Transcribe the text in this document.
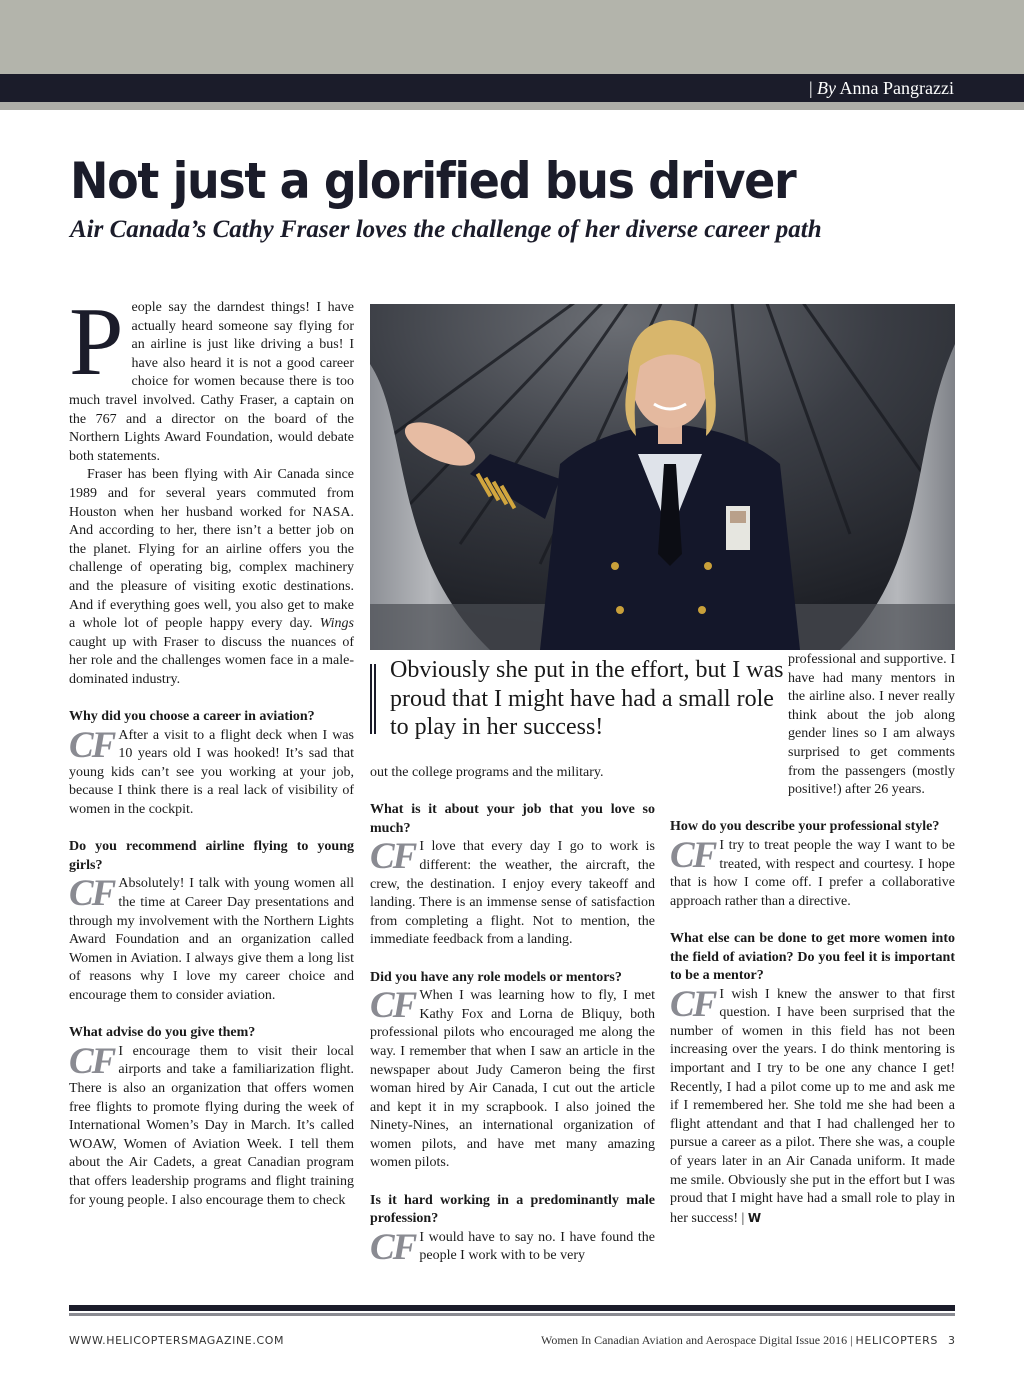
| By Anna Pangrazzi
Not just a glorified bus driver
Air Canada’s Cathy Fraser loves the challenge of her diverse career path

People say the darndest things! I have actually heard someone say flying for an airline is just like driving a bus! I have also heard it is not a good career choice for women because there is too much travel involved. Cathy Fraser, a captain on the 767 and a director on the board of the Northern Lights Award Foundation, would debate both statements.

Fraser has been flying with Air Canada since 1989 and for several years commuted from Houston when her husband worked for NASA. And according to her, there isn’t a better job on the planet. Flying for an airline offers you the challenge of operating big, complex machinery and the pleasure of visiting exotic destinations. And if everything goes well, you also get to make a whole lot of people happy every day. Wings caught up with Fraser to discuss the nuances of her role and the challenges women face in a male-dominated industry.

Why did you choose a career in aviation?

CF After a visit to a flight deck when I was 10 years old I was hooked! It’s sad that young kids can’t see you working at your job, because I think there is a real lack of visibility of women in the cockpit.

Do you recommend airline flying to young girls?

CF Absolutely! I talk with young women all the time at Career Day presentations and through my involvement with the Northern Lights Award Foundation and an organization called Women in Aviation. I always give them a long list of reasons why I love my career choice and encourage them to consider aviation.

What advise do you give them?

CF I encourage them to visit their local airports and take a familiarization flight. There is also an organization that offers women free flights to promote flying during the week of International Women’s Day in March. It’s called WOAW, Women of Aviation Week. I tell them about the Air Cadets, a great Canadian program that offers leadership programs and flight training for young people. I also encourage them to check

Obviously she put in the effort, but I was proud that I might have had a small role to play in her success!

out the college programs and the military.

What is it about your job that you love so much?

CF I love that every day I go to work is different: the weather, the aircraft, the crew, the destination. I enjoy every takeoff and landing. There is an immense sense of satisfaction from completing a flight. Not to mention, the immediate feedback from a landing.

Did you have any role models or mentors?

CF When I was learning how to fly, I met Kathy Fox and Lorna de Bliquy, both professional pilots who encouraged me along the way. I remember that when I saw an article in the newspaper about Judy Cameron being the first woman hired by Air Canada, I cut out the article and kept it in my scrapbook. I also joined the Ninety-Nines, an international organization of women pilots, and have met many amazing women pilots.

Is it hard working in a predominantly male profession?

CF I would have to say no. I have found the people I work with to be very

professional and supportive. I have had many mentors in the airline also. I never really think about the job along gender lines so I am always surprised to get comments from the passengers (mostly positive!) after 26 years.

How do you describe your professional style?

CF I try to treat people the way I want to be treated, with respect and courtesy. I hope that is how I come off. I prefer a collaborative approach rather than a directive.

What else can be done to get more women into the field of aviation? Do you feel it is important to be a mentor?

CF I wish I knew the answer to that first question. I have been surprised that the number of women in this field has not been increasing over the years. I do think mentoring is important and I try to be one any chance I get! Recently, I had a pilot come up to me and ask me if I remembered her. She told me she had been a flight attendant and that I had challenged her to pursue a career as a pilot. There she was, a couple of years later in an Air Canada uniform. It made me smile. Obviously she put in the effort but I was proud that I might have had a small role to play in her success! | W

WWW.HELICOPTERSMAGAZINE.COM	Women In Canadian Aviation and Aerospace Digital Issue 2016 | HELICOPTERS 3
